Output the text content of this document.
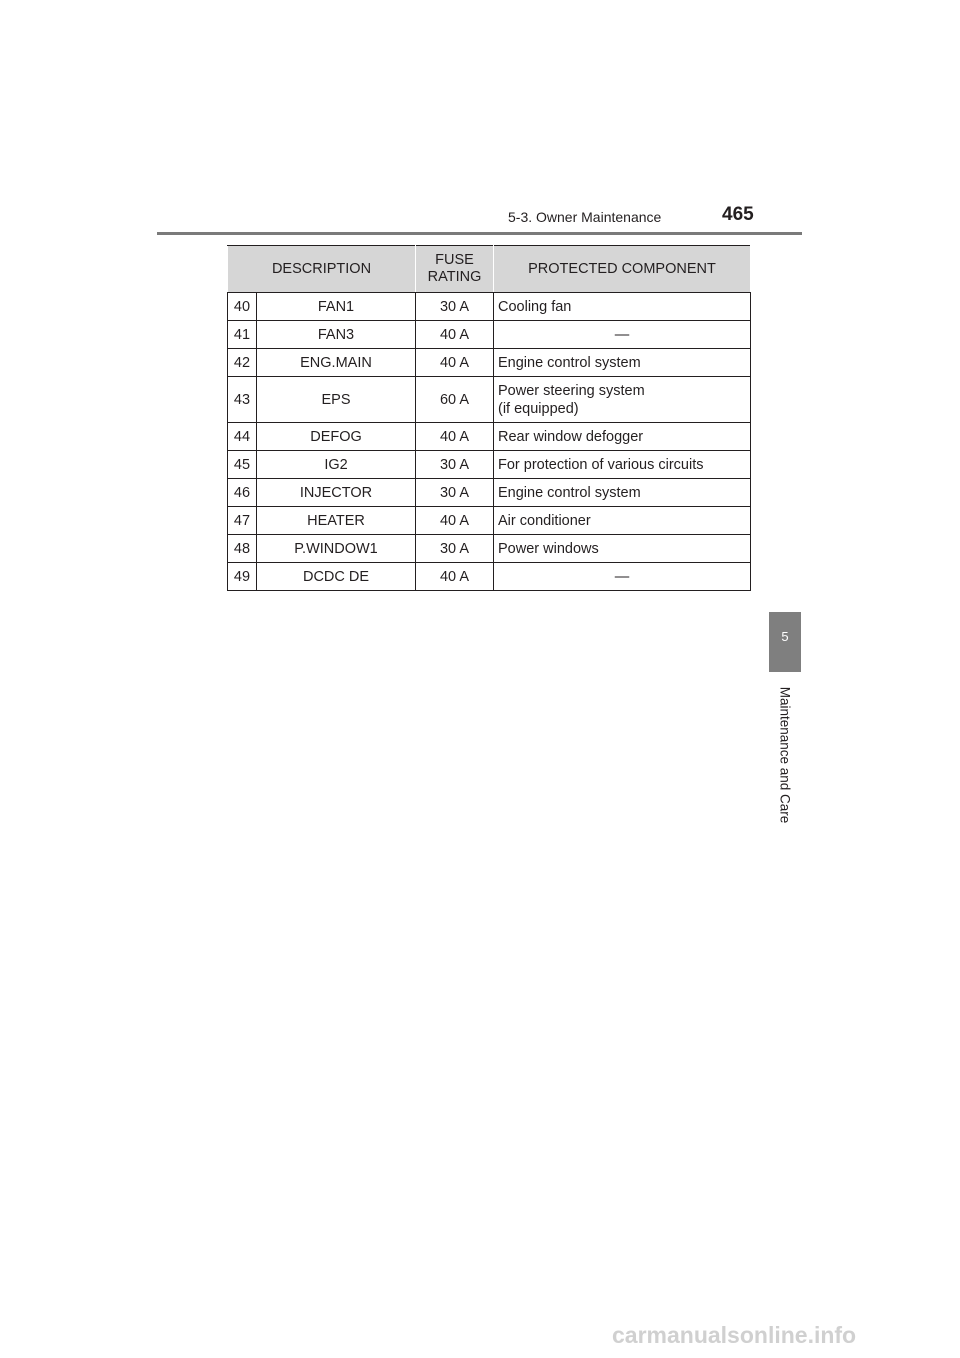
5-3. Owner Maintenance	465
DESCRIPTION		FUSE
RATING	PROTECTED COMPONENT
40	FAN1	30 A	Cooling fan
41	FAN3	40 A	—
42	ENG.MAIN	40 A	Engine control system
43	EPS	60 A	Power steering system
(if equipped)

44	DEFOG	40 A	Rear window defogger
45	IG2	30 A	For protection of various circuits
46	INJECTOR	30 A	Engine control system
47	HEATER	40 A	Air conditioner
48	P.WINDOW1	30 A	Power windows
49	DCDC DE	40 A	—
5
Maintenance and Care
carmanualsonline.info
